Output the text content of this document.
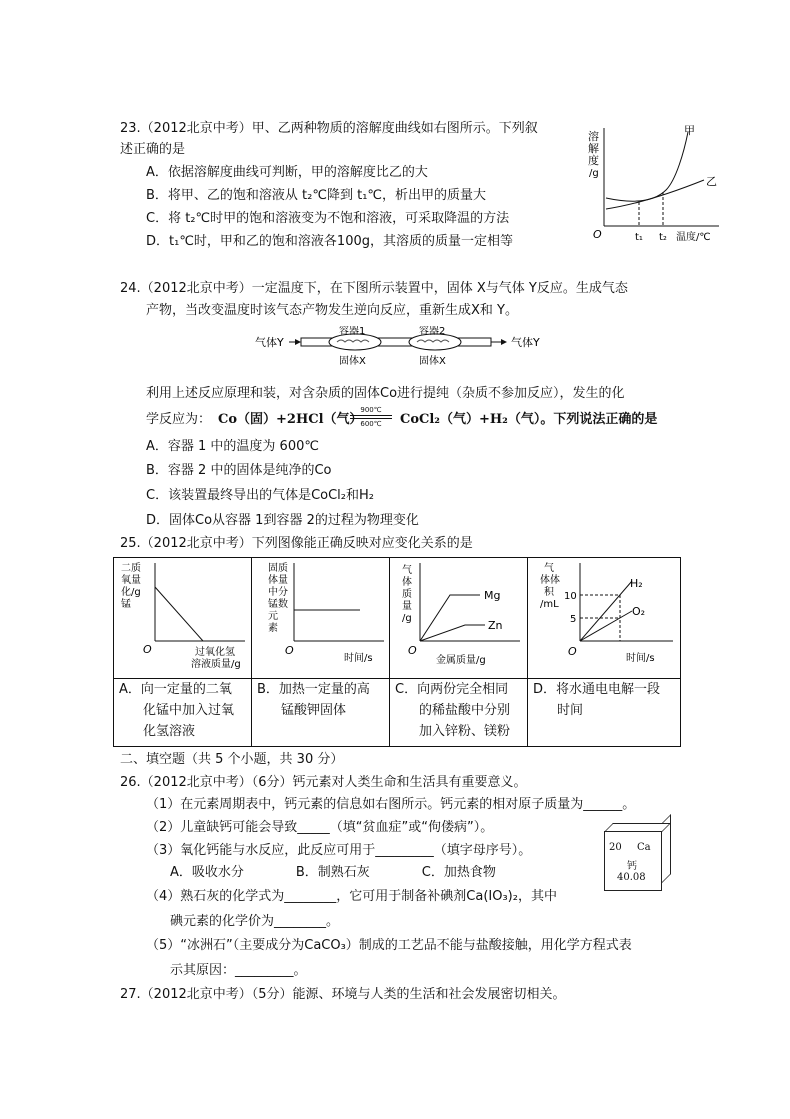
23.（2012北京中考）甲、乙两种物质的溶解度曲线如右图所示。下列叙
述正确的是
A．依据溶解度曲线可判断，甲的溶解度比乙的大
B．将甲、乙的饱和溶液从 t₂℃降到 t₁℃，析出甲的质量大
C．将 t₂℃时甲的饱和溶液变为不饱和溶液，可采取降温的方法
D．t₁℃时，甲和乙的饱和溶液各100g，其溶质的质量一定相等
溶
解
度
/g
O	t₁ t₂ 温度/℃
甲
乙
24.（2012北京中考）一定温度下，在下图所示装置中，固体 X与气体 Y反应。生成气态
产物，当改变温度时该气态产物发生逆向反应，重新生成X和 Y。
气体Y
容器1	容器2
固体X	固体X
气体Y
利用上述反应原理和装，对含杂质的固体Co进行提纯（杂质不参加反应），发生的化
学反应为： Co（固）+2HCl（气）
900℃
600℃	CoCl₂（气）+H₂（气）。下列说法正确的是
A．容器 1 中的温度为 600℃
B．容器 2 中的固体是纯净的Co
C．该装置最终导出的气体是CoCl₂和H₂
D．固体Co从容器 1到容器 2的过程为物理变化
25.（2012北京中考）下列图像能正确反映对应变化关系的是
二质
氧量
化/g
锰
O	过氧化氢
溶液质量/g
固质
体量
中分
锰数
元
素
O
时间/s
气
体
质
量
/g
Mg
Zn
O
金属质量/g
气
体体
积
/mL
10
5
H₂
O₂
O
时间/s
A．向一定量的二氧
化锰中加入过氧
化氢溶液
B．加热一定量的高
锰酸钾固体
C．向两份完全相同
的稀盐酸中分别
加入锌粉、镁粉
D．将水通电电解一段
时间
二、填空题（共 5 个小题，共 30 分）
26.（2012北京中考）（6分）钙元素对人类生命和生活具有重要意义。
（1）在元素周期表中，钙元素的信息如右图所示。钙元素的相对原子质量为______。
（2）儿童缺钙可能会导致_____（填“贫血症”或“佝偻病”）。
（3）氧化钙能与水反应，此反应可用于_________（填字母序号）。
A．吸收水分　　　　B．制熟石灰　　　　C．加热食物
（4）熟石灰的化学式为________，它可用于制备补碘剂Ca(IO₃)₂，其中
碘元素的化学价为________。
（5）“冰洲石”（主要成分为CaCO₃）制成的工艺品不能与盐酸接触，用化学方程式表
示其原因：_________。
20 Ca
钙
40.08
27.（2012北京中考）（5分）能源、环境与人类的生活和社会发展密切相关。
